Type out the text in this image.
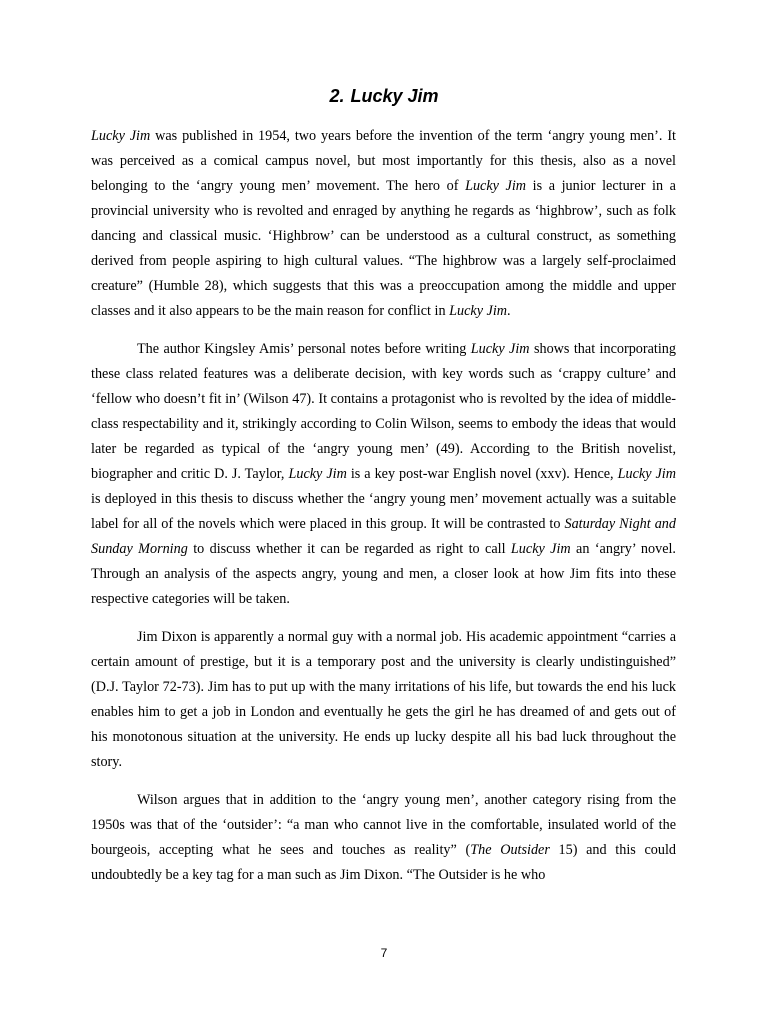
2. Lucky Jim

Lucky Jim was published in 1954, two years before the invention of the term ‘angry young men’. It was perceived as a comical campus novel, but most importantly for this thesis, also as a novel belonging to the ‘angry young men’ movement. The hero of Lucky Jim is a junior lecturer in a provincial university who is revolted and enraged by anything he regards as ‘highbrow’, such as folk dancing and classical music. ‘Highbrow’ can be understood as a cultural construct, as something derived from people aspiring to high cultural values. “The highbrow was a largely self-proclaimed creature” (Humble 28), which suggests that this was a preoccupation among the middle and upper classes and it also appears to be the main reason for conflict in Lucky Jim.

The author Kingsley Amis’ personal notes before writing Lucky Jim shows that incorporating these class related features was a deliberate decision, with key words such as ‘crappy culture’ and ‘fellow who doesn’t fit in’ (Wilson 47). It contains a protagonist who is revolted by the idea of middle-class respectability and it, strikingly according to Colin Wilson, seems to embody the ideas that would later be regarded as typical of the ‘angry young men’ (49). According to the British novelist, biographer and critic D. J. Taylor, Lucky Jim is a key post-war English novel (xxv). Hence, Lucky Jim is deployed in this thesis to discuss whether the ‘angry young men’ movement actually was a suitable label for all of the novels which were placed in this group. It will be contrasted to Saturday Night and Sunday Morning to discuss whether it can be regarded as right to call Lucky Jim an ‘angry’ novel. Through an analysis of the aspects angry, young and men, a closer look at how Jim fits into these respective categories will be taken.

Jim Dixon is apparently a normal guy with a normal job. His academic appointment “carries a certain amount of prestige, but it is a temporary post and the university is clearly undistinguished” (D.J. Taylor 72-73). Jim has to put up with the many irritations of his life, but towards the end his luck enables him to get a job in London and eventually he gets the girl he has dreamed of and gets out of his monotonous situation at the university. He ends up lucky despite all his bad luck throughout the story.

Wilson argues that in addition to the ‘angry young men’, another category rising from the 1950s was that of the ‘outsider’: “a man who cannot live in the comfortable, insulated world of the bourgeois, accepting what he sees and touches as reality” (The Outsider 15) and this could undoubtedly be a key tag for a man such as Jim Dixon. “The Outsider is he who

7
